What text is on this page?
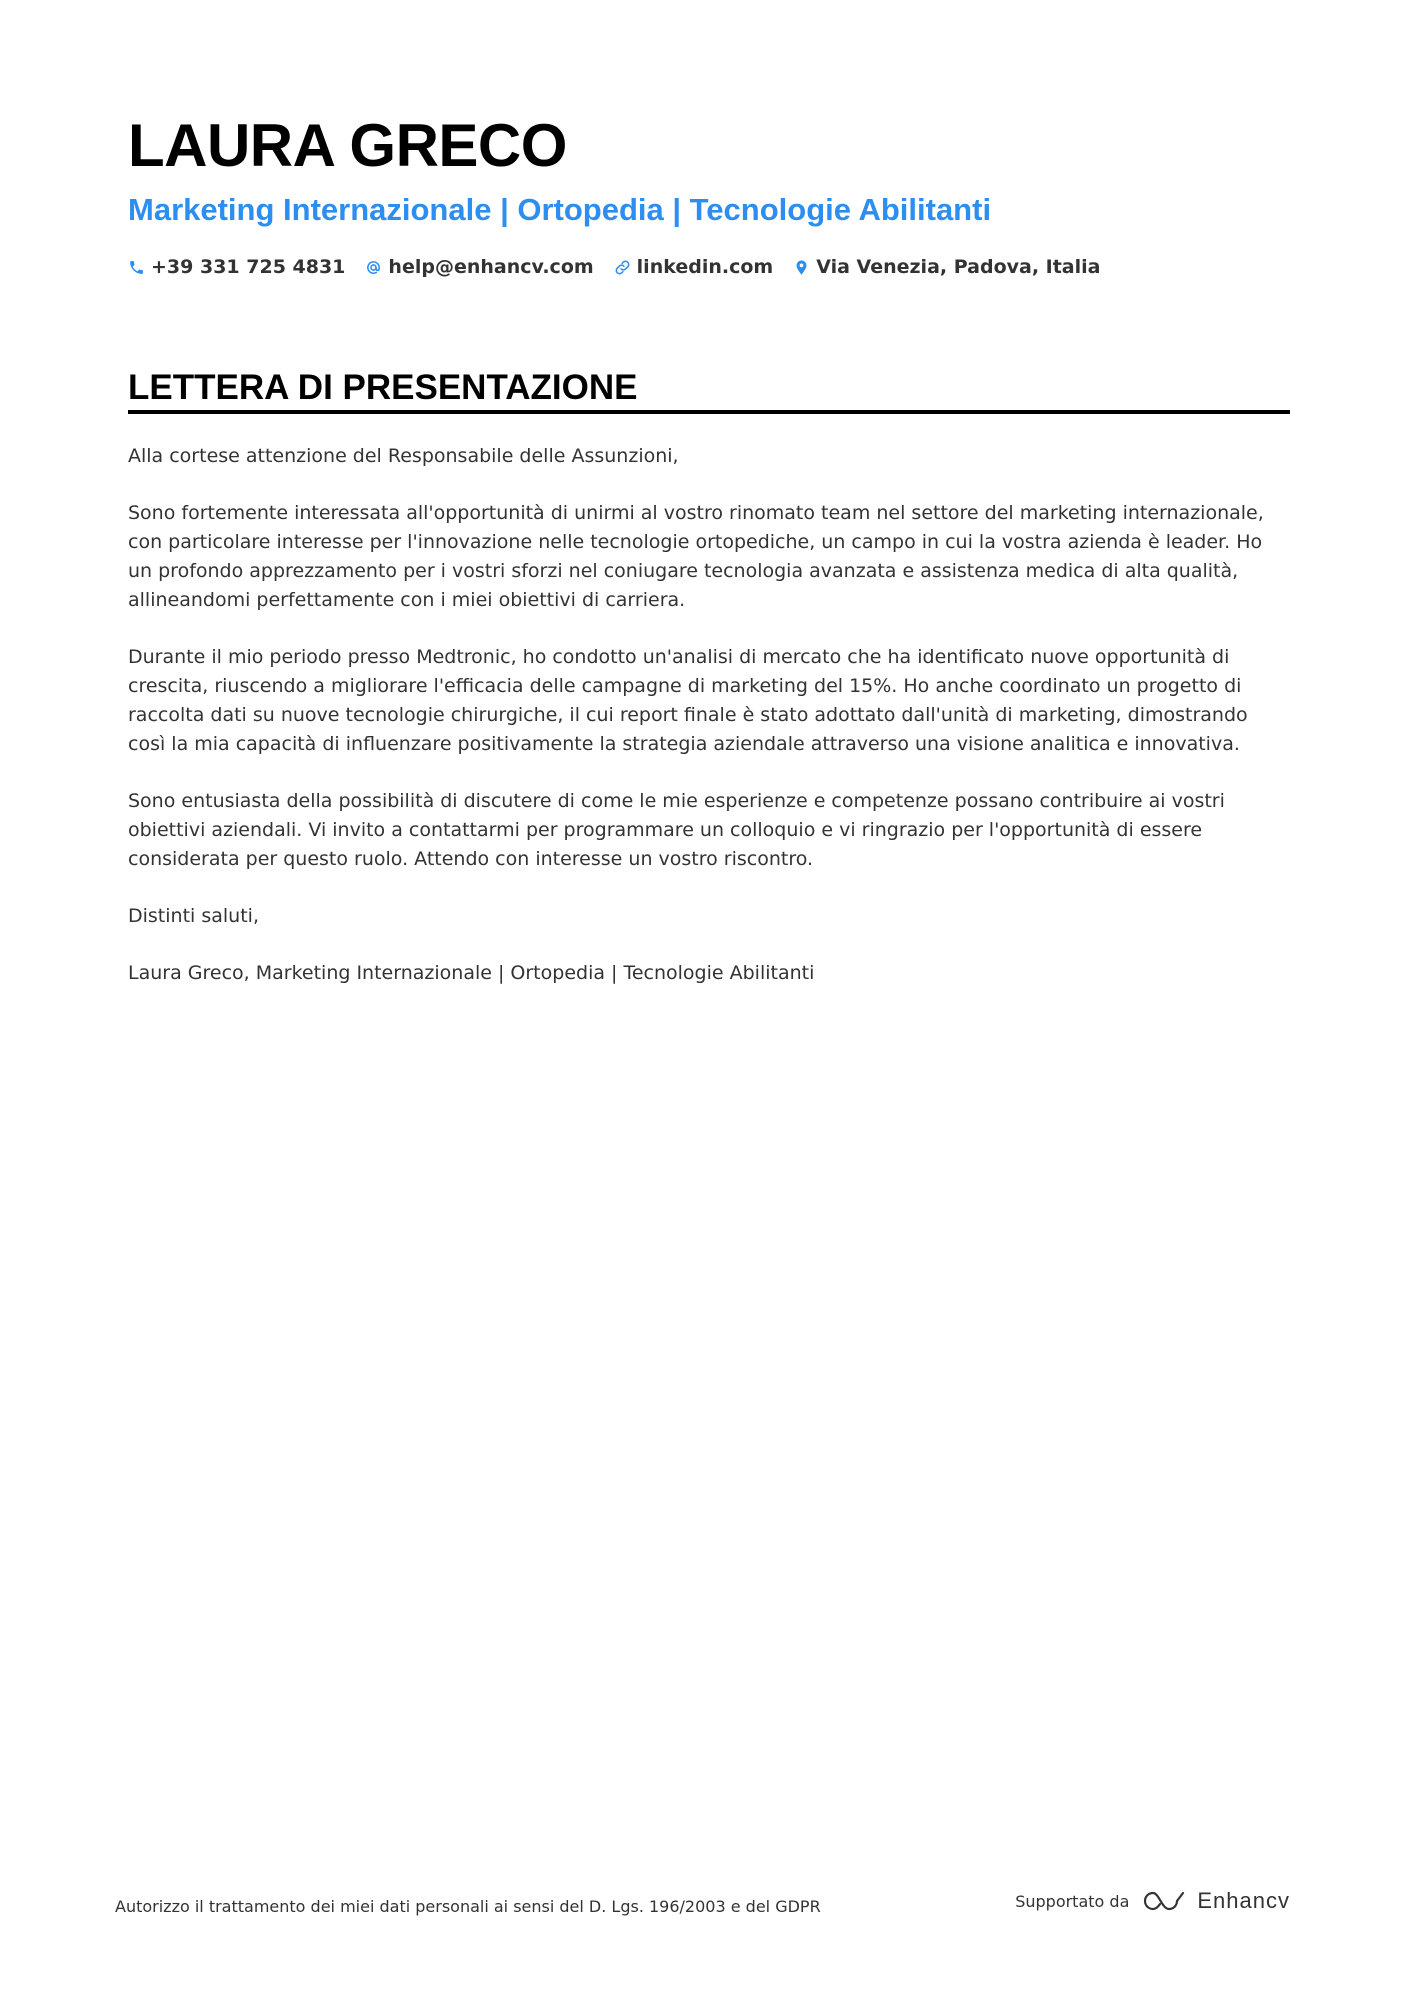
LAURA GRECO
Marketing Internazionale | Ortopedia | Tecnologie Abilitanti
+39 331 725 4831 help@enhancv.com linkedin.com Via Venezia, Padova, Italia
LETTERA DI PRESENTAZIONE

Alla cortese attenzione del Responsabile delle Assunzioni,

Sono fortemente interessata all'opportunità di unirmi al vostro rinomato team nel settore del marketing internazionale, con particolare interesse per l'innovazione nelle tecnologie ortopediche, un campo in cui la vostra azienda è leader. Ho un profondo apprezzamento per i vostri sforzi nel coniugare tecnologia avanzata e assistenza medica di alta qualità, allineandomi perfettamente con i miei obiettivi di carriera.

Durante il mio periodo presso Medtronic, ho condotto un'analisi di mercato che ha identificato nuove opportunità di crescita, riuscendo a migliorare l'efficacia delle campagne di marketing del 15%. Ho anche coordinato un progetto di raccolta dati su nuove tecnologie chirurgiche, il cui report finale è stato adottato dall'unità di marketing, dimostrando così la mia capacità di influenzare positivamente la strategia aziendale attraverso una visione analitica e innovativa.

Sono entusiasta della possibilità di discutere di come le mie esperienze e competenze possano contribuire ai vostri obiettivi aziendali. Vi invito a contattarmi per programmare un colloquio e vi ringrazio per l'opportunità di essere considerata per questo ruolo. Attendo con interesse un vostro riscontro.

Distinti saluti,

Laura Greco, Marketing Internazionale | Ortopedia | Tecnologie Abilitanti

Autorizzo il trattamento dei miei dati personali ai sensi del D. Lgs. 196/2003 e del GDPR	Supportato da	Enhancv
